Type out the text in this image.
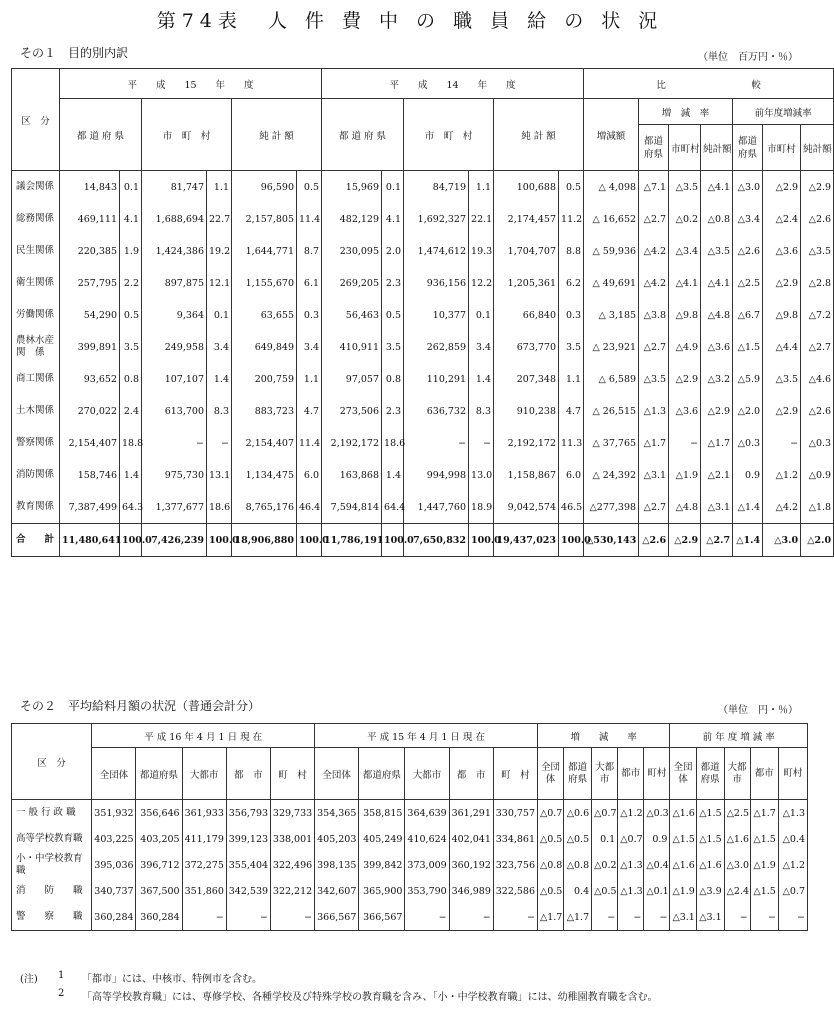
第74表　人 件 費 中 の 職 員 給 の 状 況
その１　目的別内訳	（単位　百万円・％）
区　分	平　　成　　15　　年　　度						平　　成　　14　　年　　度						比　　　　　　　　　較						
	都 道 府 県		市　町　村		純 計 額		都 道 府 県		市　町　村		純 計 額		増減額	増　減　率			前年度増減率		
														都道府県	市町村	純計額	都道府県	市町村	純計額
議会関係	14,843	0.1	81,747	1.1	96,590	0.5	15,969	0.1	84,719	1.1	100,688	0.5	△ 4,098	△7.1	△3.5	△4.1	△3.0	△2.9	△2.9
総務関係	469,111	4.1	1,688,694	22.7	2,157,805	11.4	482,129	4.1	1,692,327	22.1	2,174,457	11.2	△ 16,652	△2.7	△0.2	△0.8	△3.4	△2.4	△2.6
民生関係	220,385	1.9	1,424,386	19.2	1,644,771	8.7	230,095	2.0	1,474,612	19.3	1,704,707	8.8	△ 59,936	△4.2	△3.4	△3.5	△2.6	△3.6	△3.5
衛生関係	257,795	2.2	897,875	12.1	1,155,670	6.1	269,205	2.3	936,156	12.2	1,205,361	6.2	△ 49,691	△4.2	△4.1	△4.1	△2.5	△2.9	△2.8
労働関係	54,290	0.5	9,364	0.1	63,655	0.3	56,463	0.5	10,377	0.1	66,840	0.3	△ 3,185	△3.8	△9.8	△4.8	△6.7	△9.8	△7.2
農林水産関　係	399,891	3.5	249,958	3.4	649,849	3.4	410,911	3.5	262,859	3.4	673,770	3.5	△ 23,921	△2.7	△4.9	△3.6	△1.5	△4.4	△2.7
商工関係	93,652	0.8	107,107	1.4	200,759	1.1	97,057	0.8	110,291	1.4	207,348	1.1	△ 6,589	△3.5	△2.9	△3.2	△5.9	△3.5	△4.6
土木関係	270,022	2.4	613,700	8.3	883,723	4.7	273,506	2.3	636,732	8.3	910,238	4.7	△ 26,515	△1.3	△3.6	△2.9	△2.0	△2.9	△2.6
警察関係	2,154,407	18.8	−	−	2,154,407	11.4	2,192,172	18.6	−	−	2,192,172	11.3	△ 37,765	△1.7	−	△1.7	△0.3	−	△0.3
消防関係	158,746	1.4	975,730	13.1	1,134,475	6.0	163,868	1.4	994,998	13.0	1,158,867	6.0	△ 24,392	△3.1	△1.9	△2.1	0.9	△1.2	△0.9
教育関係	7,387,499	64.3	1,377,677	18.6	8,765,176	46.4	7,594,814	64.4	1,447,760	18.9	9,042,574	46.5	△277,398	△2.7	△4.8	△3.1	△1.4	△4.2	△1.8
合　　計	11,480,641	100.0	7,426,239	100.0	18,906,880	100.0	11,786,191	100.0	7,650,832	100.0	19,437,023	100.0	△530,143	△2.6	△2.9	△2.7	△1.4	△3.0	△2.0
その２　平均給料月額の状況（普通会計分）	（単位　円・％）
区　分	平 成 16 年 4 月 1 日 現 在					平 成 15 年 4 月 1 日 現 在					増　　減　　率					前 年 度 増 減 率				
	全団体	都道府県	大都市	都　市	町　村	全団体	都道府県	大都市	都　市	町　村	全団体	都道府県	大都市	都市	町村	全団体	都道府県	大都市	都市	町村
一 般 行 政 職	351,932	356,646	361,933	356,793	329,733	354,365	358,815	364,639	361,291	330,757	△0.7	△0.6	△0.7	△1.2	△0.3	△1.6	△1.5	△2.5	△1.7	△1.3
高等学校教育職	403,225	403,205	411,179	399,123	338,001	405,203	405,249	410,624	402,041	334,861	△0.5	△0.5	0.1	△0.7	0.9	△1.5	△1.5	△1.6	△1.5	△0.4
小・中学校教育職	395,036	396,712	372,275	355,404	322,496	398,135	399,842	373,009	360,192	323,756	△0.8	△0.8	△0.2	△1.3	△0.4	△1.6	△1.6	△3.0	△1.9	△1.2
消　　防　　職	340,737	367,500	351,860	342,539	322,212	342,607	365,900	353,790	346,989	322,586	△0.5	0.4	△0.5	△1.3	△0.1	△1.9	△3.9	△2.4	△1.5	△0.7
警　　察　　職	360,284	360,284	−	−	−	366,567	366,567	−	−	−	△1.7	△1.7	−	−	−	△3.1	△3.1	−	−	−
(注) 1 「都市」には、中核市、特例市を含む。
2 「高等学校教育職」には、専修学校、各種学校及び特殊学校の教育職を含み、「小・中学校教育職」には、幼稚園教育職を含む。
